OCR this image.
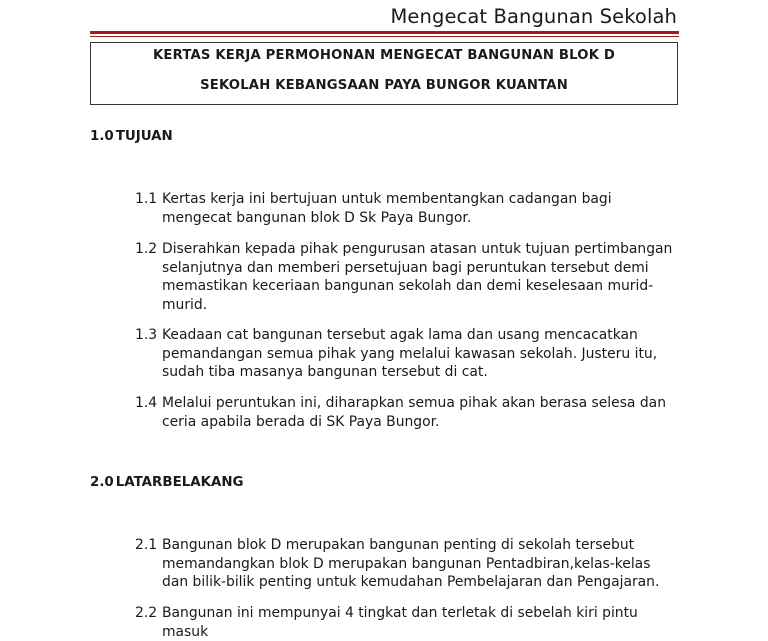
Mengecat Bangunan Sekolah
KERTAS KERJA PERMOHONAN MENGECAT BANGUNAN BLOK D
SEKOLAH KEBANGSAAN PAYA BUNGOR KUANTAN
1.0 TUJUAN
1.1 Kertas kerja ini bertujuan untuk membentangkan cadangan bagi mengecat bangunan blok D Sk Paya Bungor.
1.2 Diserahkan kepada pihak pengurusan atasan untuk tujuan pertimbangan selanjutnya dan memberi persetujuan bagi peruntukan tersebut demi memastikan keceriaan bangunan sekolah dan demi keselesaan murid-murid.
1.3 Keadaan cat bangunan tersebut agak lama dan usang mencacatkan pemandangan semua pihak yang melalui kawasan sekolah. Justeru itu, sudah tiba masanya bangunan tersebut di cat.
1.4 Melalui peruntukan ini, diharapkan semua pihak akan berasa selesa dan ceria apabila berada di SK Paya Bungor.
2.0 LATARBELAKANG
2.1 Bangunan blok D merupakan bangunan penting di sekolah tersebut memandangkan blok D merupakan bangunan Pentadbiran,kelas-kelas dan bilik-bilik penting untuk kemudahan Pembelajaran dan Pengajaran.
2.2 Bangunan ini mempunyai 4 tingkat dan terletak di sebelah kiri pintu masuk
